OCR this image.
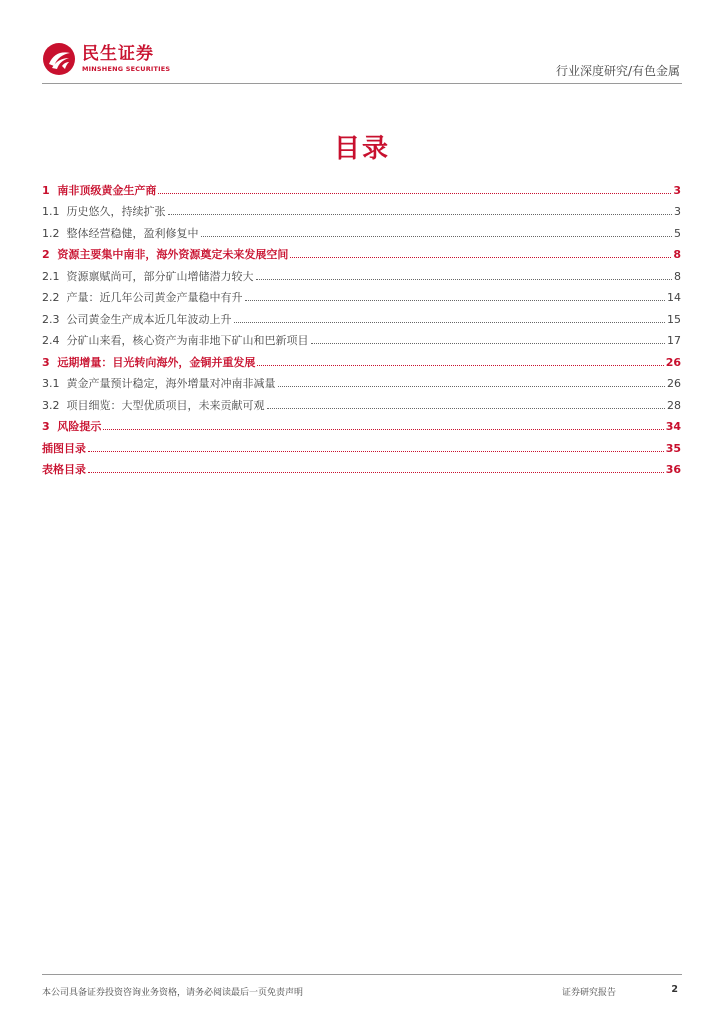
民生证券
MINSHENG SECURITIES	行业深度研究/有色金属
目录
1 南非顶级黄金生产商	3
1.1 历史悠久，持续扩张	3
1.2 整体经营稳健，盈利修复中	5
2 资源主要集中南非，海外资源奠定未来发展空间	8
2.1 资源禀赋尚可，部分矿山增储潜力较大	8
2.2 产量：近几年公司黄金产量稳中有升	14
2.3 公司黄金生产成本近几年波动上升	15
2.4 分矿山来看，核心资产为南非地下矿山和巴新项目	17
3 远期增量：目光转向海外，金铜并重发展	26
3.1 黄金产量预计稳定，海外增量对冲南非减量	26
3.2 项目细览：大型优质项目，未来贡献可观	28
3 风险提示	34
插图目录	35
表格目录	36
本公司具备证券投资咨询业务资格，请务必阅读最后一页免责声明	证券研究报告	2
